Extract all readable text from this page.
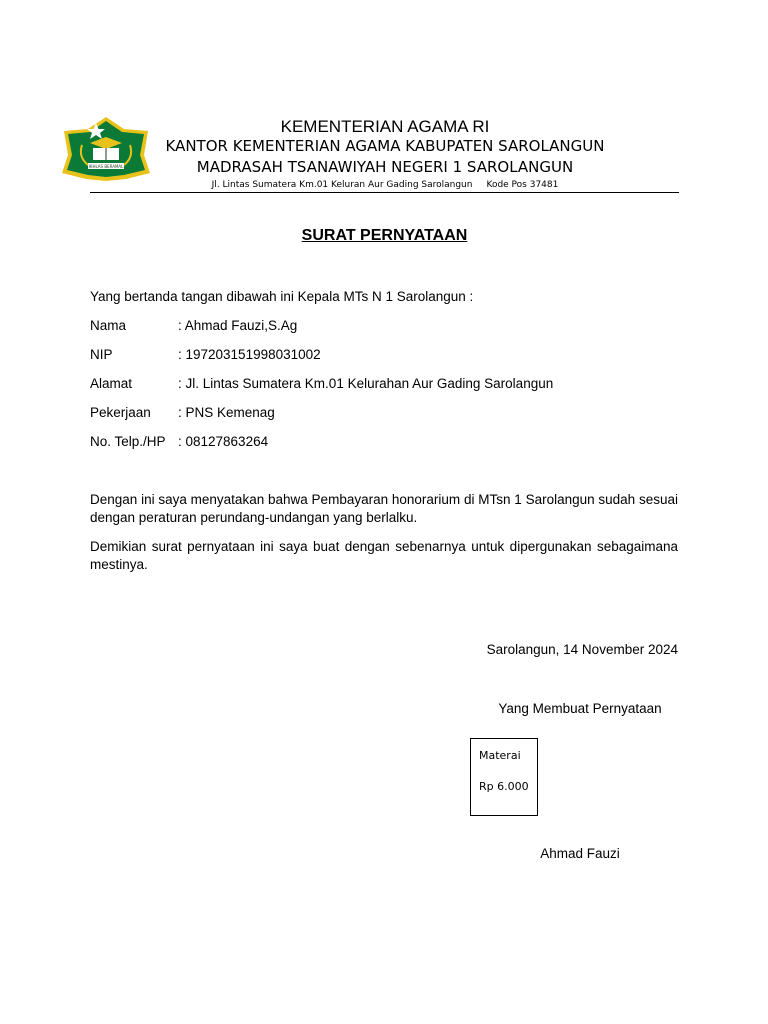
IKHLAS BERAMAL
KEMENTERIAN AGAMA RI
KANTOR KEMENTERIAN AGAMA KABUPATEN SAROLANGUN
MADRASAH TSANAWIYAH NEGERI 1 SAROLANGUN
Jl. Lintas Sumatera Km.01 Keluran Aur Gading Sarolangun Kode Pos 37481
SURAT PERNYATAAN
Yang bertanda tangan dibawah ini Kepala MTs N 1 Sarolangun :
Nama	: Ahmad Fauzi,S.Ag
NIP	: 197203151998031002
Alamat	: Jl. Lintas Sumatera Km.01 Kelurahan Aur Gading Sarolangun
Pekerjaan : PNS Kemenag
No. Telp./HP : 08127863264
Dengan ini saya menyatakan bahwa Pembayaran honorarium di MTsn 1 Sarolangun sudah sesuai dengan peraturan perundang-undangan yang berlalku.
Demikian surat pernyataan ini saya buat dengan sebenarnya untuk dipergunakan sebagaimana mestinya.
Sarolangun, 14 November 2024
Yang Membuat Pernyataan
Materai
Rp 6.000
Ahmad Fauzi
